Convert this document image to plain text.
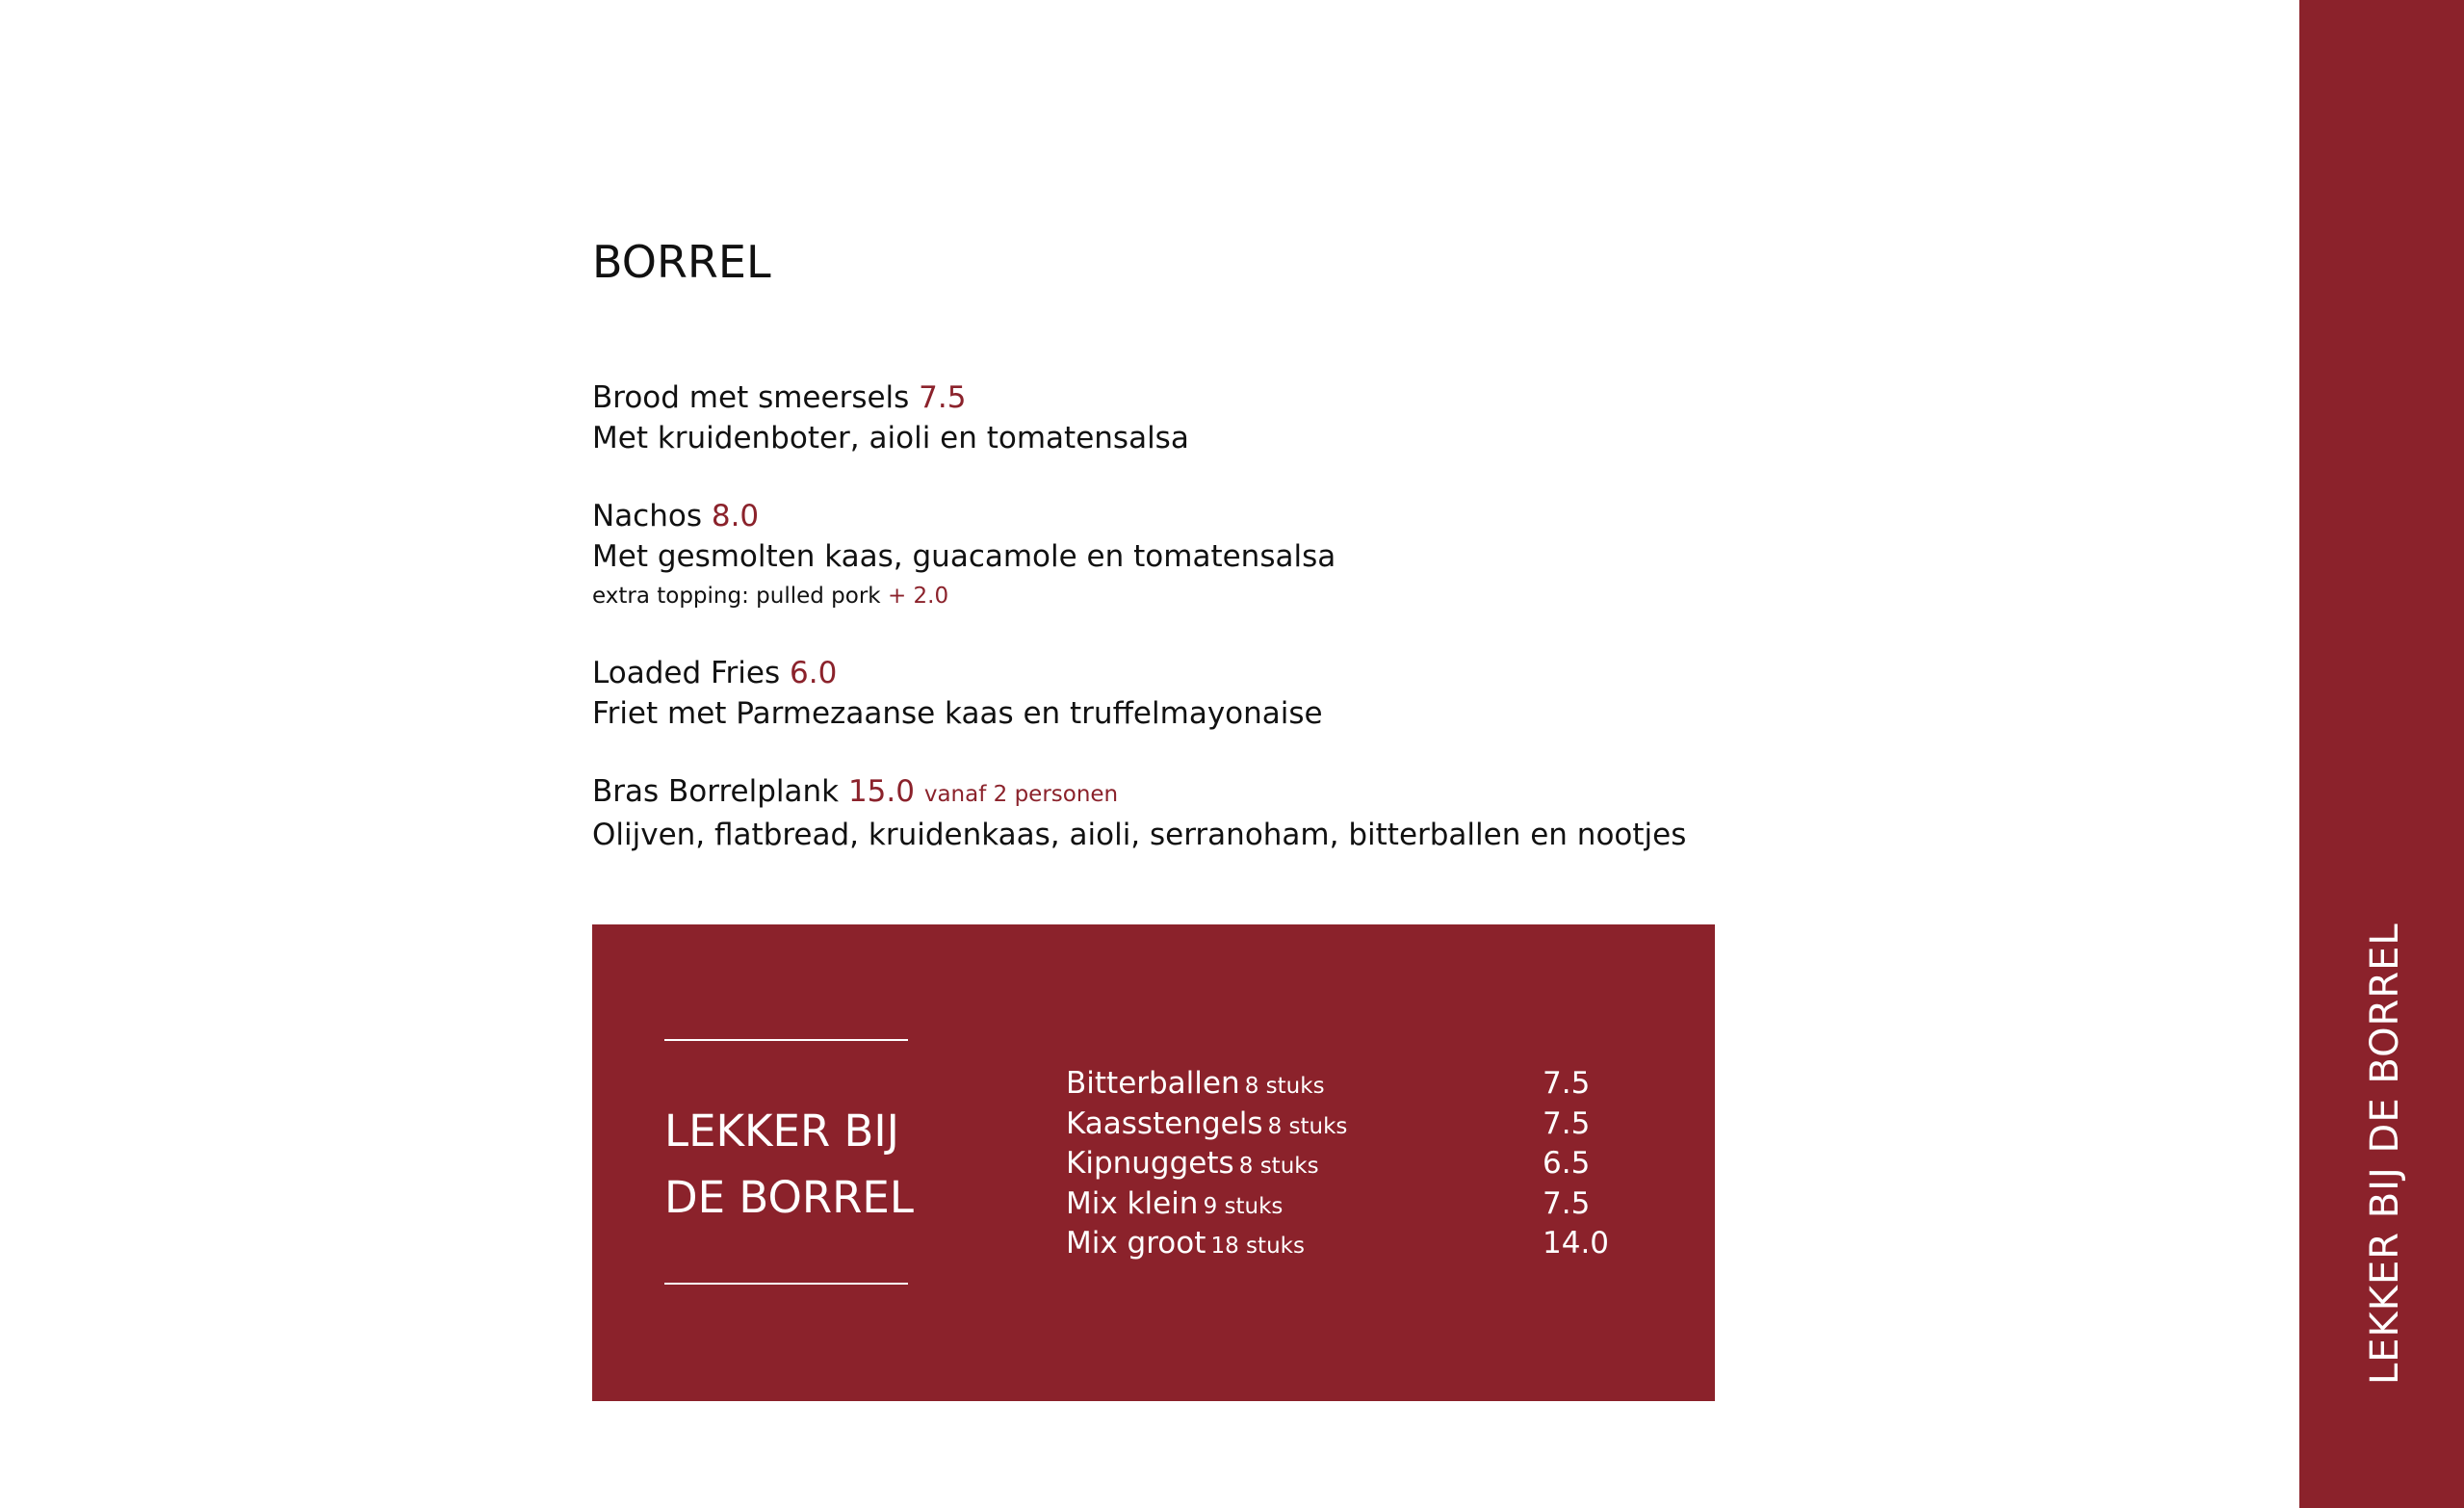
BORREL
Brood met smeersels 7.5
Met kruidenboter, aioli en tomatensalsa
Nachos 8.0
Met gesmolten kaas, guacamole en tomatensalsa
extra topping: pulled pork + 2.0
Loaded Fries 6.0
Friet met Parmezaanse kaas en truffelmayonaise
Bras Borrelplank 15.0 vanaf 2 personen
Olijven, flatbread, kruidenkaas, aioli, serranoham, bitterballen en nootjes
LEKKER BIJ
DE BORREL
Bitterballen 8 stuks	7.5
Kaasstengels 8 stuks	7.5
Kipnuggets 8 stuks	6.5
Mix klein 9 stuks	7.5
Mix groot 18 stuks	14.0	LEKKER BIJ DE BORREL
